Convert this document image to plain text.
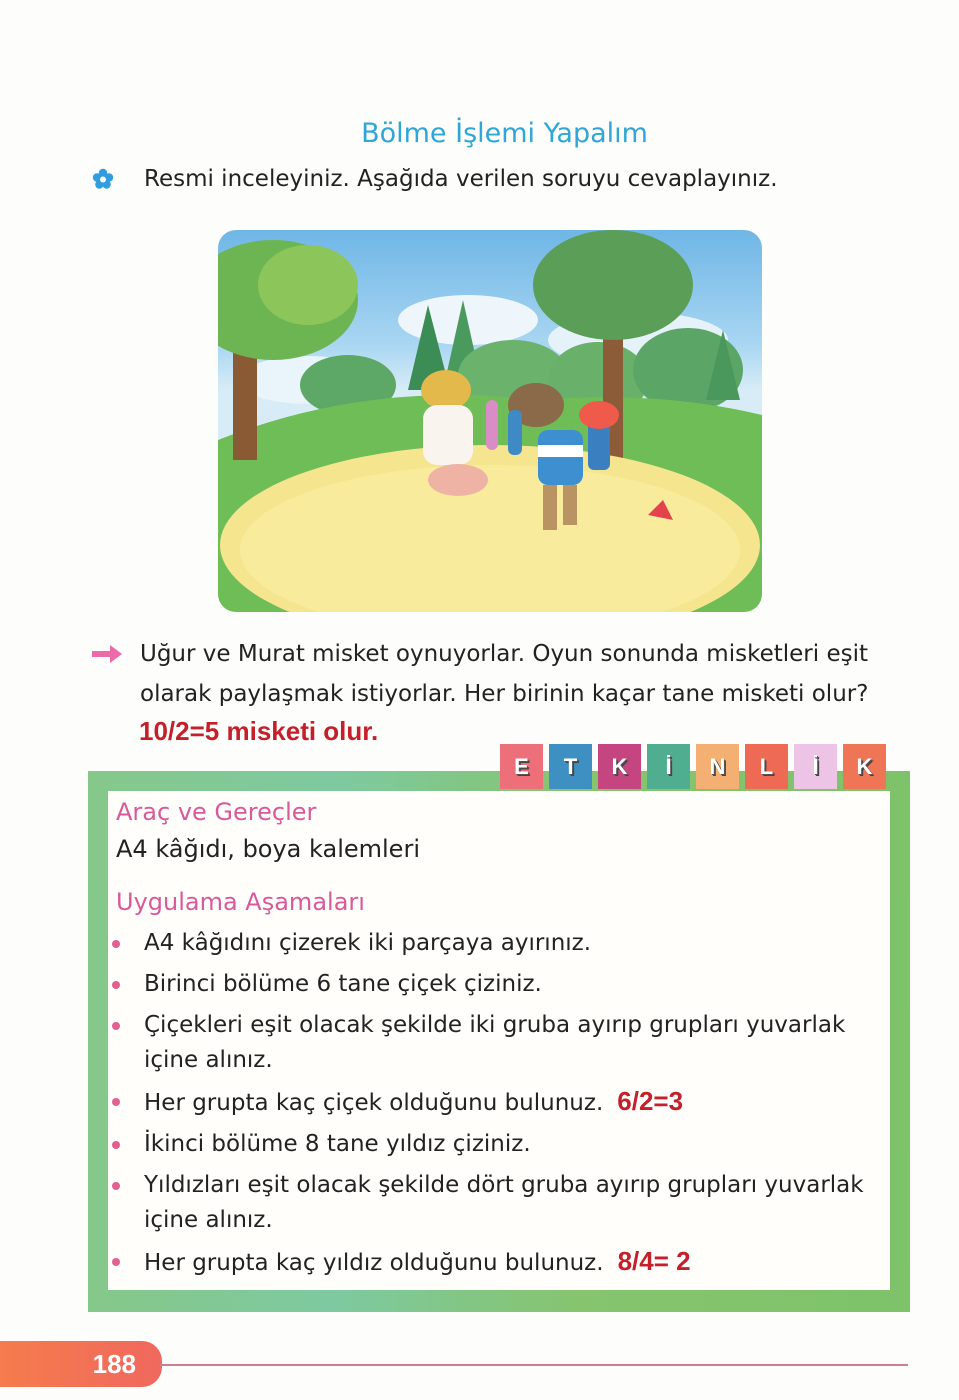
Bölme İşlemi Yapalım
Resmi inceleyiniz. Aşağıda verilen soruyu cevaplayınız.
Uğur ve Murat misket oynuyorlar. Oyun sonunda misketleri eşit
olarak paylaşmak istiyorlar. Her birinin kaçar tane misketi olur?
10/2=5 misketi olur.
E	T	K	İ	N	L	İ	K
Araç ve Gereçler
A4 kâğıdı, boya kalemleri
Uygulama Aşamaları
A4 kâğıdını çizerek iki parçaya ayırınız.
Birinci bölüme 6 tane çiçek çiziniz.
Çiçekleri eşit olacak şekilde iki gruba ayırıp grupları yuvarlak içine alınız.
Her grupta kaç çiçek olduğunu bulunuz. 6/2=3
İkinci bölüme 8 tane yıldız çiziniz.
Yıldızları eşit olacak şekilde dört gruba ayırıp grupları yuvarlak içine alınız.
Her grupta kaç yıldız olduğunu bulunuz. 8/4= 2
188
